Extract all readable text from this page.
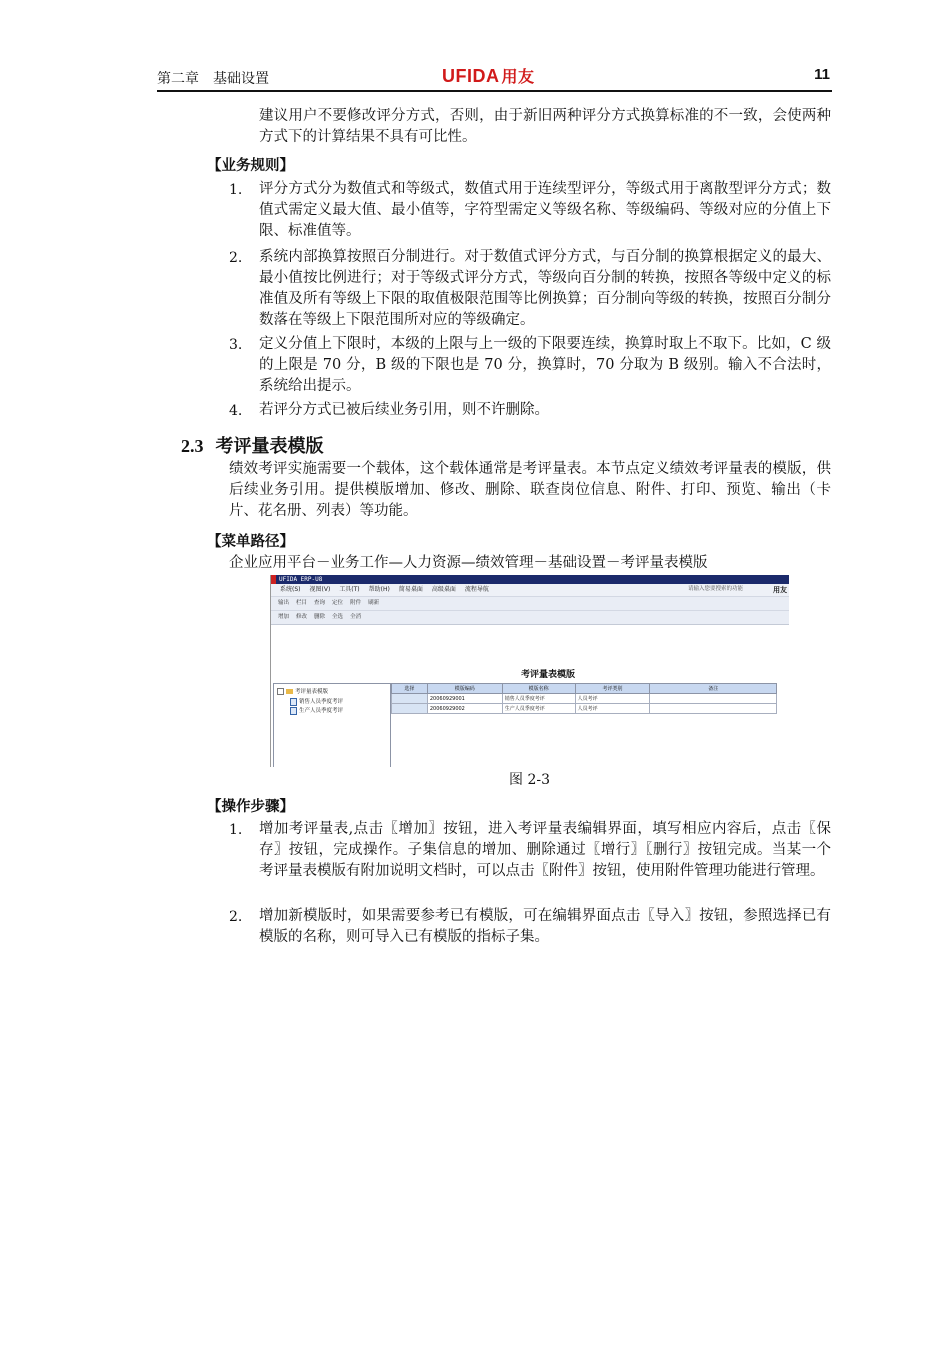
第二章　基础设置	UFIDA 用友	11
建议用户不要修改评分方式，否则，由于新旧两种评分方式换算标准的不一致，会使两种方式下的计算结果不具有可比性。
【业务规则】
1. 评分方式分为数值式和等级式，数值式用于连续型评分，等级式用于离散型评分方式；数值式需定义最大值、最小值等，字符型需定义等级名称、等级编码、等级对应的分值上下限、标准值等。
2. 系统内部换算按照百分制进行。对于数值式评分方式，与百分制的换算根据定义的最大、最小值按比例进行；对于等级式评分方式，等级向百分制的转换，按照各等级中定义的标准值及所有等级上下限的取值极限范围等比例换算；百分制向等级的转换，按照百分制分数落在等级上下限范围所对应的等级确定。
3. 定义分值上下限时，本级的上限与上一级的下限要连续，换算时取上不取下。比如，C 级的上限是 70 分，B 级的下限也是 70 分，换算时，70 分取为 B 级别。输入不合法时，系统给出提示。
4. 若评分方式已被后续业务引用，则不许删除。
2.3 考评量表模版
绩效考评实施需要一个载体，这个载体通常是考评量表。本节点定义绩效考评量表的模版，供后续业务引用。提供模版增加、修改、删除、联查岗位信息、附件、打印、预览、输出（卡片、花名册、列表）等功能。
【菜单路径】
企业应用平台－业务工作—人力资源—绩效管理－基础设置－考评量表模版
UFIDA ERP-U8
系统(S) 视图(V) 工具(T) 帮助(H) 简易桌面 高级桌面 流程导航	请输入您要搜索的功能	用友
输出 栏目 查询 定位 附件 刷新
增加 修改 删除 全选 全消
考评量表模版
考评量表模版
销售人员季度考评
生产人员季度考评
选择	模版编码	模版名称	考评类别	备注
	20060929001	销售人员季度考评	人员考评	
	20060929002	生产人员季度考评	人员考评	
图 2-3
【操作步骤】
1. 增加考评量表,点击〖增加〗按钮，进入考评量表编辑界面，填写相应内容后，点击〖保存〗按钮，完成操作。子集信息的增加、删除通过〖增行〗〖删行〗按钮完成。当某一个考评量表模版有附加说明文档时，可以点击〖附件〗按钮，使用附件管理功能进行管理。
2. 增加新模版时，如果需要参考已有模版，可在编辑界面点击〖导入〗按钮，参照选择已有模版的名称，则可导入已有模版的指标子集。
